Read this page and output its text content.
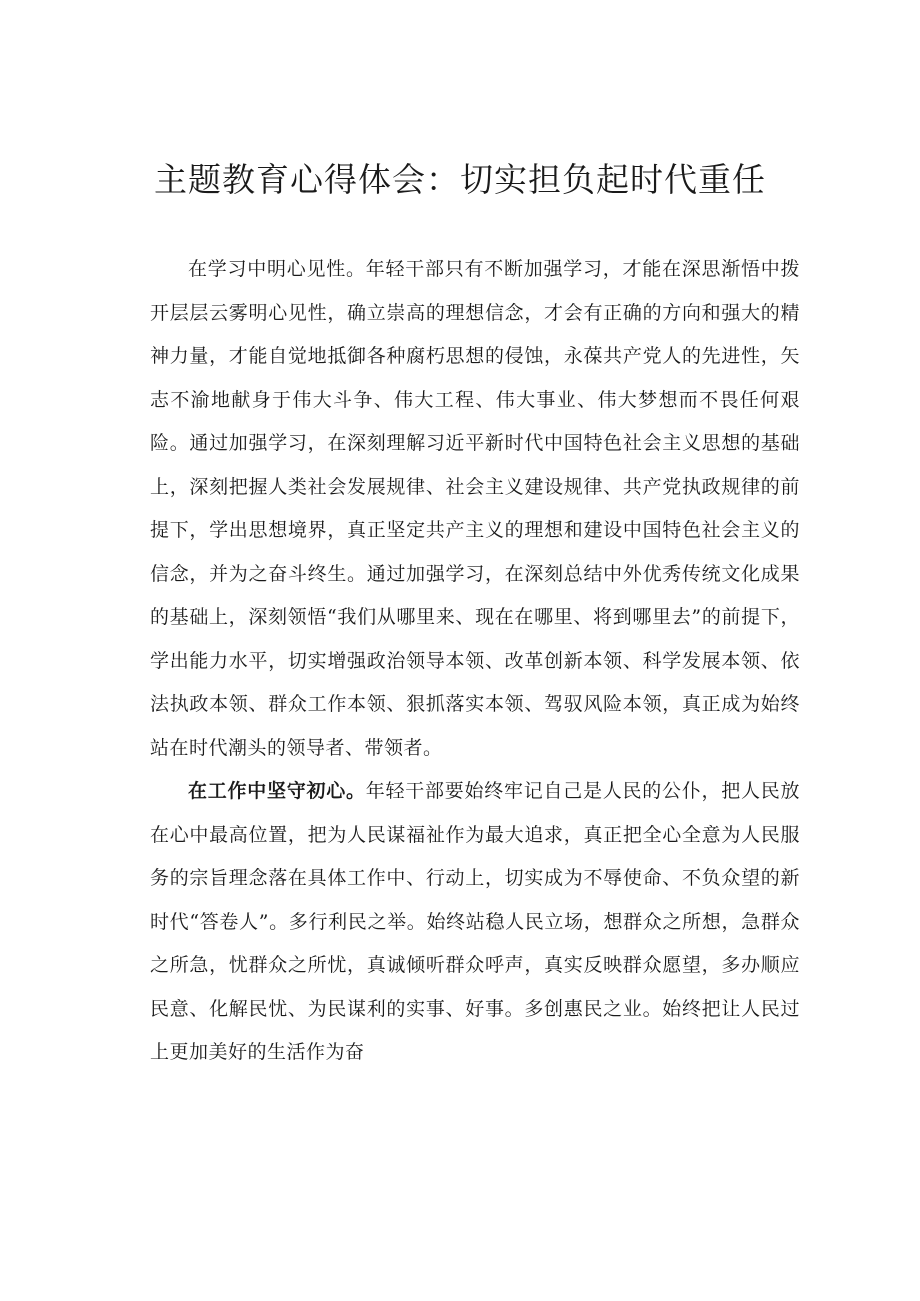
主题教育心得体会：切实担负起时代重任

在学习中明心见性。年轻干部只有不断加强学习，才能在深思渐悟中拨开层层云雾明心见性，确立崇高的理想信念，才会有正确的方向和强大的精神力量，才能自觉地抵御各种腐朽思想的侵蚀，永葆共产党人的先进性，矢志不渝地献身于伟大斗争、伟大工程、伟大事业、伟大梦想而不畏任何艰险。通过加强学习，在深刻理解习近平新时代中国特色社会主义思想的基础上，深刻把握人类社会发展规律、社会主义建设规律、共产党执政规律的前提下，学出思想境界，真正坚定共产主义的理想和建设中国特色社会主义的信念，并为之奋斗终生。通过加强学习，在深刻总结中外优秀传统文化成果的基础上，深刻领悟“我们从哪里来、现在在哪里、将到哪里去”的前提下，学出能力水平，切实增强政治领导本领、改革创新本领、科学发展本领、依法执政本领、群众工作本领、狠抓落实本领、驾驭风险本领，真正成为始终站在时代潮头的领导者、带领者。

在工作中坚守初心。年轻干部要始终牢记自己是人民的公仆，把人民放在心中最高位置，把为人民谋福祉作为最大追求，真正把全心全意为人民服务的宗旨理念落在具体工作中、行动上，切实成为不辱使命、不负众望的新时代“答卷人”。多行利民之举。始终站稳人民立场，想群众之所想，急群众之所急，忧群众之所忧，真诚倾听群众呼声，真实反映群众愿望，多办顺应民意、化解民忧、为民谋利的实事、好事。多创惠民之业。始终把让人民过上更加美好的生活作为奋
